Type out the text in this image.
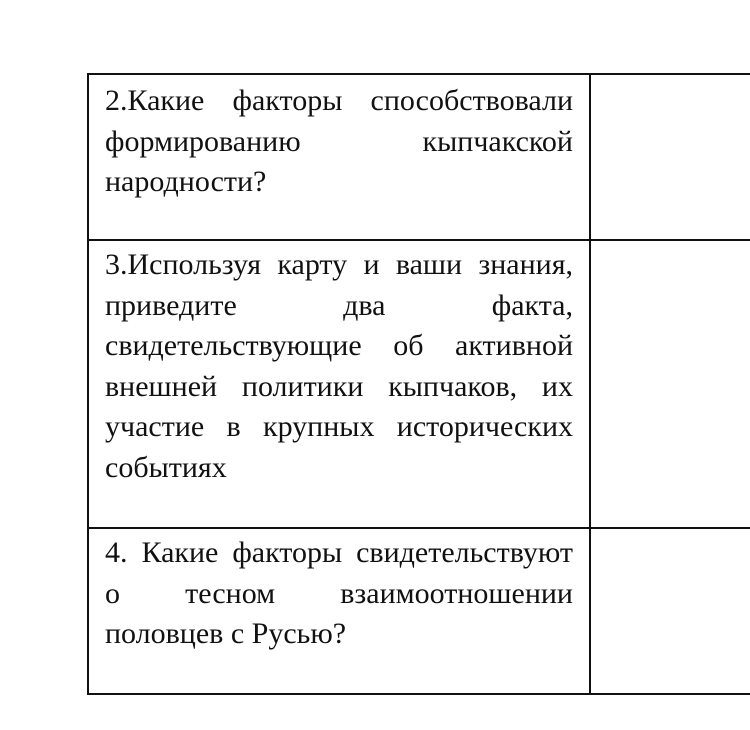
2.Какие факторы способствовали формированию кыпчакской народности?	

3.Используя карту и ваши знания, приведите два факта, свидетельствующие об активной внешней политики кыпчаков, их участие в крупных исторических событиях	

4. Какие факторы свидетельствуют о тесном взаимоотношении половцев с Русью?	
